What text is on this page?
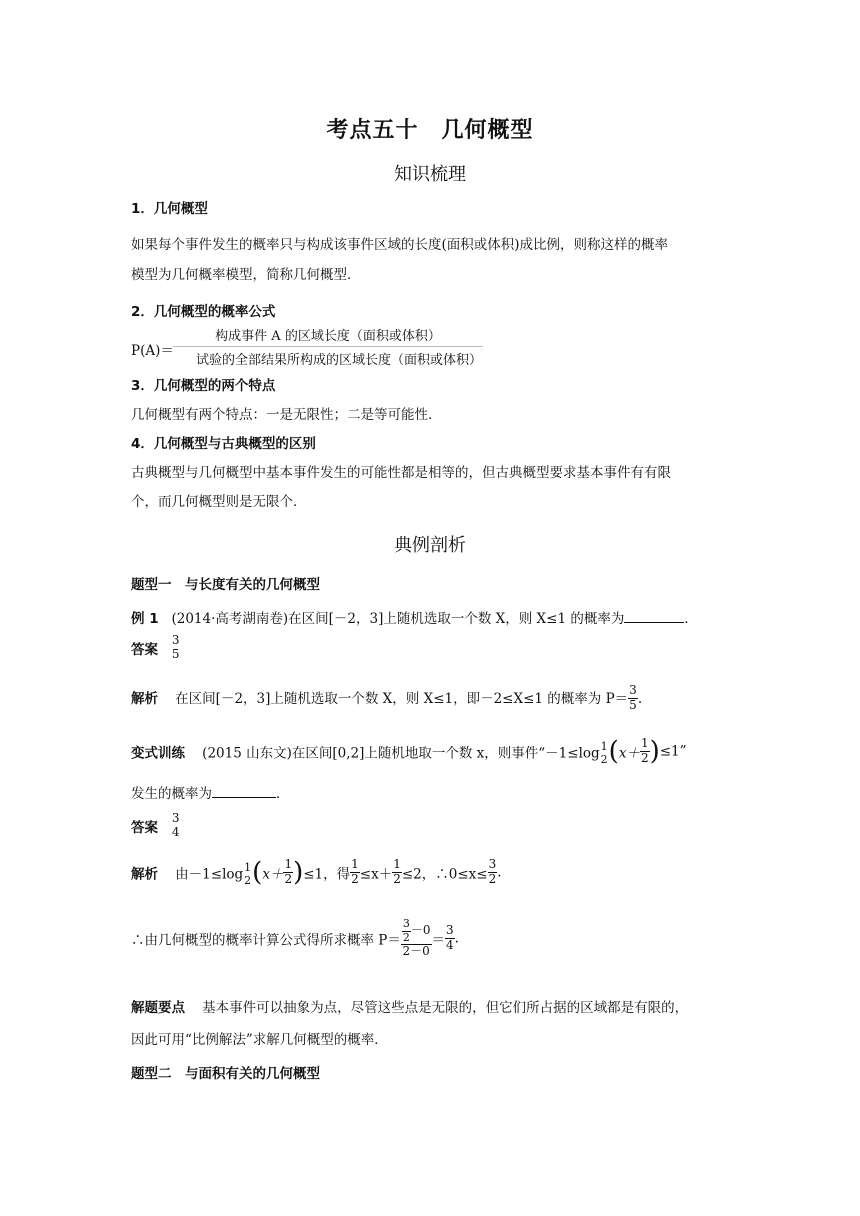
考点五十　几何概型
知识梳理
1．几何概型
如果每个事件发生的概率只与构成该事件区域的长度(面积或体积)成比例，则称这样的概率
模型为几何概率模型，简称几何概型．
2．几何概型的概率公式
P(A)＝
构成事件 A 的区域长度（面积或体积）
试验的全部结果所构成的区域长度（面积或体积）
3．几何概型的两个特点
几何概型有两个特点：一是无限性；二是等可能性．
4．几何概型与古典概型的区别
古典概型与几何概型中基本事件发生的可能性都是相等的，但古典概型要求基本事件有有限
个，而几何概型则是无限个．
典例剖析
题型一　与长度有关的几何概型
例 1 (2014·高考湖南卷)在区间[－2，3]上随机选取一个数 X，则 X≤1 的概率为	．
答案
3
5
解析 在区间[－2，3]上随机选取一个数 X，则 X≤1，即－2≤X≤1 的概率为 $P= \frac{3}{5}$ .
变式训练 (2015 山东文)在区间[0,2]上随机地取一个数 x，则事件“－1≤log 1
2 $(x+ \frac{1}{2} )\le 1$”
发生的概率为	．
答案
3
4
解析 由－1≤log 1
2 $(x+ \frac{1}{2} )\le 1$，得 $\frac{1}{2} \le x+ \frac{1}{2} \le 2$，∴0≤x≤ $\frac{3}{2}$ .
∴由几何概型的概率计算公式得所求概率 $P= \frac{\frac{3}{2} -0}{2-0} = \frac{3}{4}$ .
解题要点 基本事件可以抽象为点，尽管这些点是无限的，但它们所占据的区域都是有限的，
因此可用“比例解法”求解几何概型的概率．
题型二　与面积有关的几何概型
